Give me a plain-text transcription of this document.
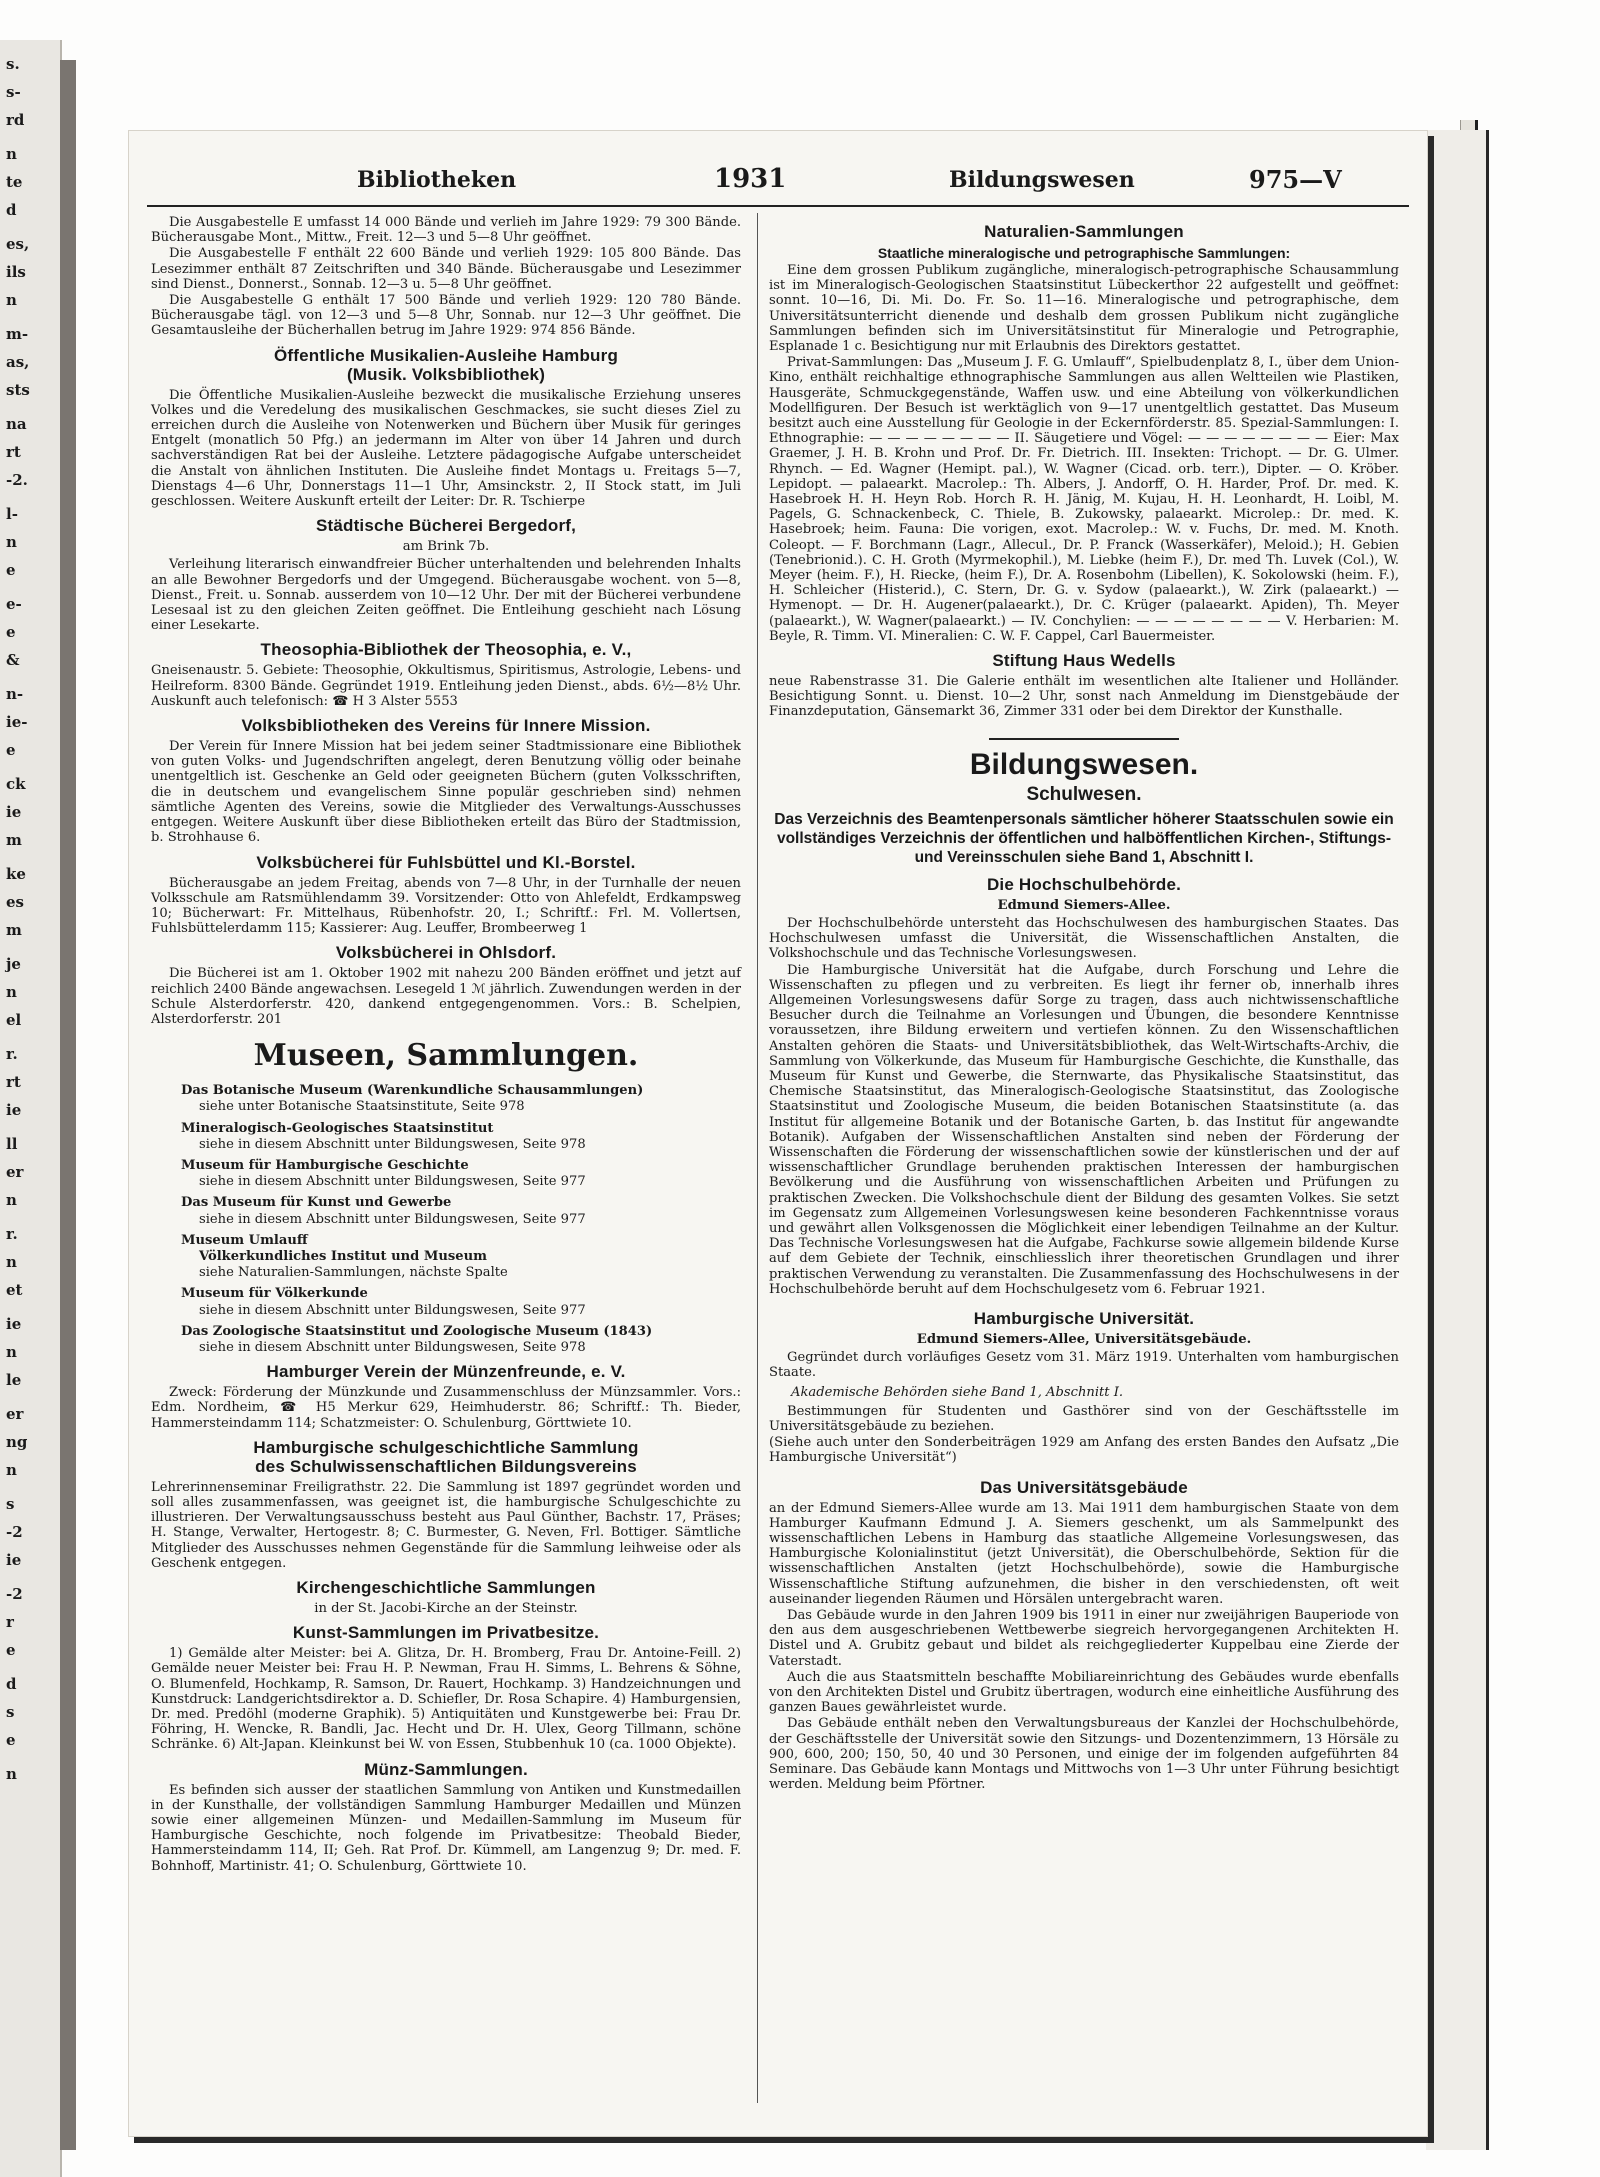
s.
s-
rd
n
te
d
es,
ils
n
m-
as,
sts
na
rt
-2.
l-
n
e
e-
e
&
n-
ie-
e
ck
ie
m
ke
es
m
je
n
el
r.
rt
ie
ll
er
n
r.
n
et
ie
n
le
er
ng
n
s
-2
ie
-2
r
e
d
s
e
n
Bibliotheken	1931	Bildungswesen	975—V

Die Ausgabestelle E umfasst 14 000 Bände und verlieh im Jahre 1929: 79 300 Bände. Bücherausgabe Mont., Mittw., Freit. 12—3 und 5—8 Uhr geöffnet.

Die Ausgabestelle F enthält 22 600 Bände und verlieh 1929: 105 800 Bände. Das Lesezimmer enthält 87 Zeitschriften und 340 Bände. Bücherausgabe und Lesezimmer sind Dienst., Donnerst., Sonnab. 12—3 u. 5—8 Uhr geöffnet.

Die Ausgabestelle G enthält 17 500 Bände und verlieh 1929: 120 780 Bände. Bücherausgabe tägl. von 12—3 und 5—8 Uhr, Sonnab. nur 12—3 Uhr geöffnet. Die Gesamtausleihe der Bücherhallen betrug im Jahre 1929: 974 856 Bände.

Öffentliche Musikalien-Ausleihe Hamburg
(Musik. Volksbibliothek)

Die Öffentliche Musikalien-Ausleihe bezweckt die musikalische Erziehung unseres Volkes und die Veredelung des musikalischen Geschmackes, sie sucht dieses Ziel zu erreichen durch die Ausleihe von Notenwerken und Büchern über Musik für geringes Entgelt (monatlich 50 Pfg.) an jedermann im Alter von über 14 Jahren und durch sachverständigen Rat bei der Ausleihe. Letztere pädagogische Aufgabe unterscheidet die Anstalt von ähnlichen Instituten. Die Ausleihe findet Montags u. Freitags 5—7, Dienstags 4—6 Uhr, Donnerstags 11—1 Uhr, Amsinckstr. 2, II Stock statt, im Juli geschlossen. Weitere Auskunft erteilt der Leiter: Dr. R. Tschierpe

Städtische Bücherei Bergedorf,

am Brink 7b.

Verleihung literarisch einwandfreier Bücher unterhaltenden und belehrenden Inhalts an alle Bewohner Bergedorfs und der Umgegend. Bücherausgabe wochent. von 5—8, Dienst., Freit. u. Sonnab. ausserdem von 10—12 Uhr. Der mit der Bücherei verbundene Lesesaal ist zu den gleichen Zeiten geöffnet. Die Entleihung geschieht nach Lösung einer Lesekarte.

Theosophia-Bibliothek der Theosophia, e. V.,

Gneisenaustr. 5. Gebiete: Theosophie, Okkultismus, Spiritismus, Astrologie, Lebens- und Heilreform. 8300 Bände. Gegründet 1919. Entleihung jeden Dienst., abds. 6½—8½ Uhr. Auskunft auch telefonisch: ☎ H 3 Alster 5553

Volksbibliotheken des Vereins für Innere Mission.

Der Verein für Innere Mission hat bei jedem seiner Stadtmissionare eine Bibliothek von guten Volks- und Jugendschriften angelegt, deren Benutzung völlig oder beinahe unentgeltlich ist. Geschenke an Geld oder geeigneten Büchern (guten Volksschriften, die in deutschem und evangelischem Sinne populär geschrieben sind) nehmen sämtliche Agenten des Vereins, sowie die Mitglieder des Verwaltungs-Ausschusses entgegen. Weitere Auskunft über diese Bibliotheken erteilt das Büro der Stadtmission, b. Strohhause 6.

Volksbücherei für Fuhlsbüttel und Kl.-Borstel.

Bücherausgabe an jedem Freitag, abends von 7—8 Uhr, in der Turnhalle der neuen Volksschule am Ratsmühlendamm 39. Vorsitzender: Otto von Ahlefeldt, Erdkampsweg 10; Bücherwart: Fr. Mittelhaus, Rübenhofstr. 20, I.; Schriftf.: Frl. M. Vollertsen, Fuhlsbüttelerdamm 115; Kassierer: Aug. Leuffer, Brombeerweg 1

Volksbücherei in Ohlsdorf.

Die Bücherei ist am 1. Oktober 1902 mit nahezu 200 Bänden eröffnet und jetzt auf reichlich 2400 Bände angewachsen. Lesegeld 1 ℳ jährlich. Zuwendungen werden in der Schule Alsterdorferstr. 420, dankend entgegengenommen. Vors.: B. Schelpien, Alsterdorferstr. 201

Museen, Sammlungen.

Das Botanische Museum (Warenkundliche Schausammlungen)

siehe unter Botanische Staatsinstitute, Seite 978

Mineralogisch-Geologisches Staatsinstitut

siehe in diesem Abschnitt unter Bildungswesen, Seite 978

Museum für Hamburgische Geschichte

siehe in diesem Abschnitt unter Bildungswesen, Seite 977

Das Museum für Kunst und Gewerbe

siehe in diesem Abschnitt unter Bildungswesen, Seite 977

Museum Umlauff

Völkerkundliches Institut und Museum

siehe Naturalien-Sammlungen, nächste Spalte

Museum für Völkerkunde

siehe in diesem Abschnitt unter Bildungswesen, Seite 977

Das Zoologische Staatsinstitut und Zoologische Museum (1843)

siehe in diesem Abschnitt unter Bildungswesen, Seite 978

Hamburger Verein der Münzenfreunde, e. V.

Zweck: Förderung der Münzkunde und Zusammenschluss der Münzsammler. Vors.: Edm. Nordheim, ☎ H5 Merkur 629, Heimhuderstr. 86; Schriftf.: Th. Bieder, Hammersteindamm 114; Schatzmeister: O. Schulenburg, Görttwiete 10.

Hamburgische schulgeschichtliche Sammlung
des Schulwissenschaftlichen Bildungsvereins

Lehrerinnenseminar Freiligrathstr. 22. Die Sammlung ist 1897 gegründet worden und soll alles zusammenfassen, was geeignet ist, die hamburgische Schulgeschichte zu illustrieren. Der Verwaltungsausschuss besteht aus Paul Günther, Bachstr. 17, Präses; H. Stange, Verwalter, Hertogestr. 8; C. Burmester, G. Neven, Frl. Bottiger. Sämtliche Mitglieder des Ausschusses nehmen Gegenstände für die Sammlung leihweise oder als Geschenk entgegen.

Kirchengeschichtliche Sammlungen

in der St. Jacobi-Kirche an der Steinstr.

Kunst-Sammlungen im Privatbesitze.

1) Gemälde alter Meister: bei A. Glitza, Dr. H. Bromberg, Frau Dr. Antoine-Feill. 2) Gemälde neuer Meister bei: Frau H. P. Newman, Frau H. Simms, L. Behrens & Söhne, O. Blumenfeld, Hochkamp, R. Samson, Dr. Rauert, Hochkamp. 3) Handzeichnungen und Kunstdruck: Landgerichtsdirektor a. D. Schiefler, Dr. Rosa Schapire. 4) Hamburgensien, Dr. med. Predöhl (moderne Graphik). 5) Antiquitäten und Kunstgewerbe bei: Frau Dr. Föhring, H. Wencke, R. Bandli, Jac. Hecht und Dr. H. Ulex, Georg Tillmann, schöne Schränke. 6) Alt-Japan. Kleinkunst bei W. von Essen, Stubbenhuk 10 (ca. 1000 Objekte).

Münz-Sammlungen.

Es befinden sich ausser der staatlichen Sammlung von Antiken und Kunstmedaillen in der Kunsthalle, der vollständigen Sammlung Hamburger Medaillen und Münzen sowie einer allgemeinen Münzen- und Medaillen-Sammlung im Museum für Hamburgische Geschichte, noch folgende im Privatbesitze: Theobald Bieder, Hammersteindamm 114, II; Geh. Rat Prof. Dr. Kümmell, am Langenzug 9; Dr. med. F. Bohnhoff, Martinistr. 41; O. Schulenburg, Görttwiete 10.

Naturalien-Sammlungen
Staatliche mineralogische und petrographische Sammlungen:

Eine dem grossen Publikum zugängliche, mineralogisch-petrographische Schausammlung ist im Mineralogisch-Geologischen Staatsinstitut Lübeckerthor 22 aufgestellt und geöffnet: sonnt. 10—16, Di. Mi. Do. Fr. So. 11—16. Mineralogische und petrographische, dem Universitätsunterricht dienende und deshalb dem grossen Publikum nicht zugängliche Sammlungen befinden sich im Universitätsinstitut für Mineralogie und Petrographie, Esplanade 1 c. Besichtigung nur mit Erlaubnis des Direktors gestattet.

Privat-Sammlungen: Das „Museum J. F. G. Umlauff“, Spielbudenplatz 8, I., über dem Union-Kino, enthält reichhaltige ethnographische Sammlungen aus allen Weltteilen wie Plastiken, Hausgeräte, Schmuckgegenstände, Waffen usw. und eine Abteilung von völkerkundlichen Modellfiguren. Der Besuch ist werktäglich von 9—17 unentgeltlich gestattet. Das Museum besitzt auch eine Ausstellung für Geologie in der Eckernförderstr. 85. Spezial-Sammlungen: I. Ethnographie: — — — — — — — — II. Säugetiere und Vögel: — — — — — — — — Eier: Max Graemer, J. H. B. Krohn und Prof. Dr. Fr. Dietrich. III. Insekten: Trichopt. — Dr. G. Ulmer. Rhynch. — Ed. Wagner (Hemipt. pal.), W. Wagner (Cicad. orb. terr.), Dipter. — O. Kröber. Lepidopt. — palaearkt. Macrolep.: Th. Albers, J. Andorff, O. H. Harder, Prof. Dr. med. K. Hasebroek H. H. Heyn Rob. Horch R. H. Jänig, M. Kujau, H. H. Leonhardt, H. Loibl, M. Pagels, G. Schnackenbeck, C. Thiele, B. Zukowsky, palaearkt. Microlep.: Dr. med. K. Hasebroek; heim. Fauna: Die vorigen, exot. Macrolep.: W. v. Fuchs, Dr. med. M. Knoth. Coleopt. — F. Borchmann (Lagr., Allecul., Dr. P. Franck (Wasserkäfer), Meloid.); H. Gebien (Tenebrionid.). C. H. Groth (Myrmekophil.), M. Liebke (heim F.), Dr. med Th. Luvek (Col.), W. Meyer (heim. F.), H. Riecke, (heim F.), Dr. A. Rosenbohm (Libellen), K. Sokolowski (heim. F.), H. Schleicher (Histerid.), C. Stern, Dr. G. v. Sydow (palaearkt.), W. Zirk (palaearkt.) — Hymenopt. — Dr. H. Augener(palaearkt.), Dr. C. Krüger (palaearkt. Apiden), Th. Meyer (palaearkt.), W. Wagner(palaearkt.) — IV. Conchylien: — — — — — — — — V. Herbarien: M. Beyle, R. Timm. VI. Mineralien: C. W. F. Cappel, Carl Bauermeister.

Stiftung Haus Wedells

neue Rabenstrasse 31. Die Galerie enthält im wesentlichen alte Italiener und Holländer. Besichtigung Sonnt. u. Dienst. 10—2 Uhr, sonst nach Anmeldung im Dienstgebäude der Finanzdeputation, Gänsemarkt 36, Zimmer 331 oder bei dem Direktor der Kunsthalle.

Bildungswesen.
Schulwesen.

Das Verzeichnis des Beamtenpersonals sämtlicher höherer Staatsschulen sowie ein vollständiges Verzeichnis der öffentlichen und halböffentlichen Kirchen-, Stiftungs- und Vereinsschulen siehe Band 1, Abschnitt I.

Die Hochschulbehörde.

Edmund Siemers-Allee.

Der Hochschulbehörde untersteht das Hochschulwesen des hamburgischen Staates. Das Hochschulwesen umfasst die Universität, die Wissenschaftlichen Anstalten, die Volkshochschule und das Technische Vorlesungswesen.

Die Hamburgische Universität hat die Aufgabe, durch Forschung und Lehre die Wissenschaften zu pflegen und zu verbreiten. Es liegt ihr ferner ob, innerhalb ihres Allgemeinen Vorlesungswesens dafür Sorge zu tragen, dass auch nichtwissenschaftliche Besucher durch die Teilnahme an Vorlesungen und Übungen, die besondere Kenntnisse voraussetzen, ihre Bildung erweitern und vertiefen können. Zu den Wissenschaftlichen Anstalten gehören die Staats- und Universitätsbibliothek, das Welt-Wirtschafts-Archiv, die Sammlung von Völkerkunde, das Museum für Hamburgische Geschichte, die Kunsthalle, das Museum für Kunst und Gewerbe, die Sternwarte, das Physikalische Staatsinstitut, das Chemische Staatsinstitut, das Mineralogisch-Geologische Staatsinstitut, das Zoologische Staatsinstitut und Zoologische Museum, die beiden Botanischen Staatsinstitute (a. das Institut für allgemeine Botanik und der Botanische Garten, b. das Institut für angewandte Botanik). Aufgaben der Wissenschaftlichen Anstalten sind neben der Förderung der Wissenschaften die Förderung der wissenschaftlichen sowie der künstlerischen und der auf wissenschaftlicher Grundlage beruhenden praktischen Interessen der hamburgischen Bevölkerung und die Ausführung von wissenschaftlichen Arbeiten und Prüfungen zu praktischen Zwecken. Die Volkshochschule dient der Bildung des gesamten Volkes. Sie setzt im Gegensatz zum Allgemeinen Vorlesungswesen keine besonderen Fachkenntnisse voraus und gewährt allen Volksgenossen die Möglichkeit einer lebendigen Teilnahme an der Kultur. Das Technische Vorlesungswesen hat die Aufgabe, Fachkurse sowie allgemein bildende Kurse auf dem Gebiete der Technik, einschliesslich ihrer theoretischen Grundlagen und ihrer praktischen Verwendung zu veranstalten. Die Zusammenfassung des Hochschulwesens in der Hochschulbehörde beruht auf dem Hochschulgesetz vom 6. Februar 1921.

Hamburgische Universität.

Edmund Siemers-Allee, Universitätsgebäude.

Gegründet durch vorläufiges Gesetz vom 31. März 1919. Unterhalten vom hamburgischen Staate.

Akademische Behörden siehe Band 1, Abschnitt I.

Bestimmungen für Studenten und Gasthörer sind von der Geschäftsstelle im Universitätsgebäude zu beziehen.

(Siehe auch unter den Sonderbeiträgen 1929 am Anfang des ersten Bandes den Aufsatz „Die Hamburgische Universität“)

Das Universitätsgebäude

an der Edmund Siemers-Allee wurde am 13. Mai 1911 dem hamburgischen Staate von dem Hamburger Kaufmann Edmund J. A. Siemers geschenkt, um als Sammelpunkt des wissenschaftlichen Lebens in Hamburg das staatliche Allgemeine Vorlesungswesen, das Hamburgische Kolonialinstitut (jetzt Universität), die Oberschulbehörde, Sektion für die wissenschaftlichen Anstalten (jetzt Hochschulbehörde), sowie die Hamburgische Wissenschaftliche Stiftung aufzunehmen, die bisher in den verschiedensten, oft weit auseinander liegenden Räumen und Hörsälen untergebracht waren.

Das Gebäude wurde in den Jahren 1909 bis 1911 in einer nur zweijährigen Bauperiode von den aus dem ausgeschriebenen Wettbewerbe siegreich hervorgegangenen Architekten H. Distel und A. Grubitz gebaut und bildet als reichgegliederter Kuppelbau eine Zierde der Vaterstadt.

Auch die aus Staatsmitteln beschaffte Mobiliareinrichtung des Gebäudes wurde ebenfalls von den Architekten Distel und Grubitz übertragen, wodurch eine einheitliche Ausführung des ganzen Baues gewährleistet wurde.

Das Gebäude enthält neben den Verwaltungsbureaus der Kanzlei der Hochschulbehörde, der Geschäftsstelle der Universität sowie den Sitzungs- und Dozentenzimmern, 13 Hörsäle zu 900, 600, 200; 150, 50, 40 und 30 Personen, und einige der im folgenden aufgeführten 84 Seminare. Das Gebäude kann Montags und Mittwochs von 1—3 Uhr unter Führung besichtigt werden. Meldung beim Pförtner.
